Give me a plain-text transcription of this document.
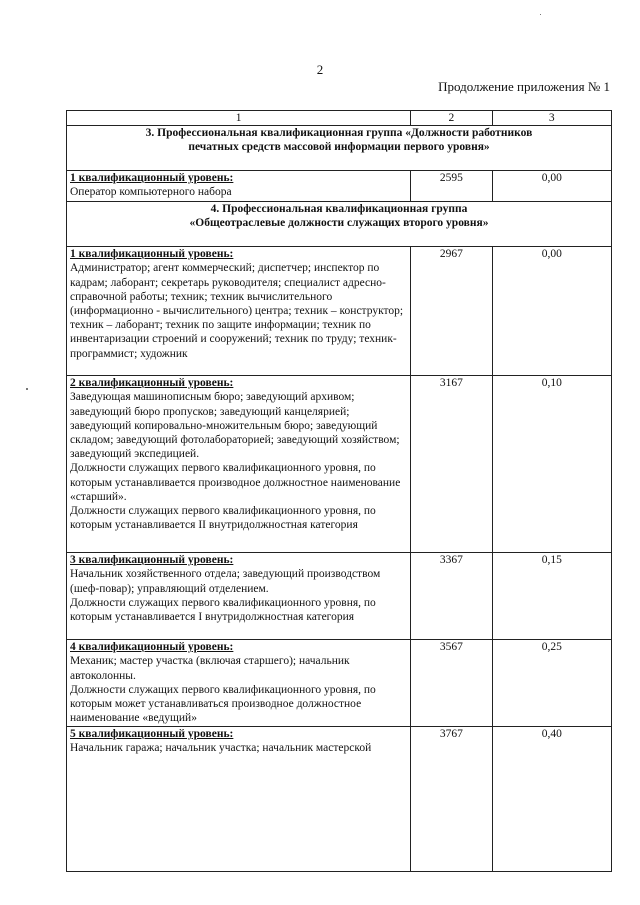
2
Продолжение приложения № 1
1	2	3

3. Профессиональная квалификационная группа «Должности работников
печатных средств массовой информации первого уровня»		

1 квалификационный уровень:
Оператор компьютерного набора	2595	0,00

4. Профессиональная квалификационная группа
«Общеотраслевые должности служащих второго уровня»		

1 квалификационный уровень:
Администратор; агент коммерческий; диспетчер; инспектор по кадрам; лаборант; секретарь руководителя; специалист адресно-справочной работы; техник; техник вычислительного (информационно - вычислительного) центра; техник – конструктор; техник – лаборант; техник по защите информации; техник по инвентаризации строений и сооружений; техник по труду; техник-программист; художник	2967	0,00

2 квалификационный уровень:
Заведующая машинописным бюро; заведующий архивом; заведующий бюро пропусков; заведующий канцелярией; заведующий копировально-множительным бюро; заведующий складом; заведующий фотолабораторией; заведующий хозяйством; заведующий экспедицией.
Должности служащих первого квалификационного уровня, по которым устанавливается производное должностное наименование «старший».
Должности служащих первого квалификационного уровня, по которым устанавливается II внутридолжностная категория	3167	0,10

3 квалификационный уровень:
Начальник хозяйственного отдела; заведующий производством (шеф-повар); управляющий отделением.
Должности служащих первого квалификационного уровня, по которым устанавливается I внутридолжностная категория	3367	0,15

4 квалификационный уровень:
Механик; мастер участка (включая старшего); начальник автоколонны.
Должности служащих первого квалификационного уровня, по которым может устанавливаться производное должностное наименование «ведущий»	3567	0,25

5 квалификационный уровень:
Начальник гаража; начальник участка; начальник мастерской	3767	0,40
